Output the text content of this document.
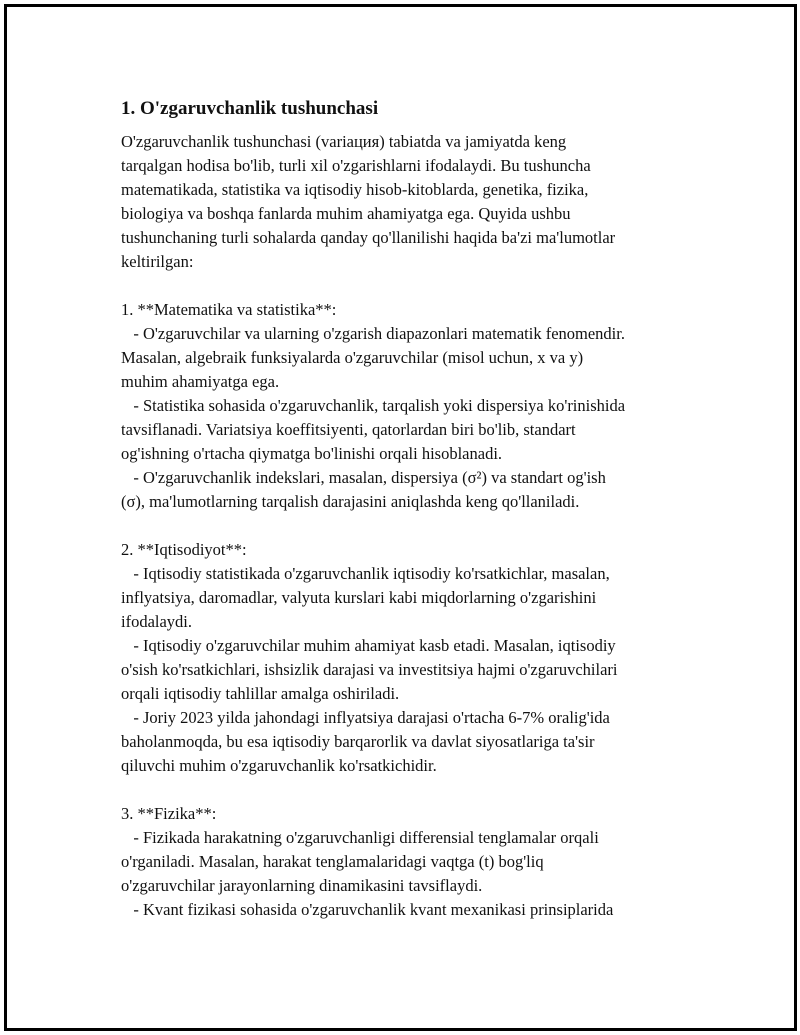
1. O'zgaruvchanlik tushunchasi

O'zgaruvchanlik tushunchasi (variaция) tabiatda va jamiyatda keng
tarqalgan hodisa bo'lib, turli xil o'zgarishlarni ifodalaydi. Bu tushuncha
matematikada, statistika va iqtisodiy hisob-kitoblarda, genetika, fizika,
biologiya va boshqa fanlarda muhim ahamiyatga ega. Quyida ushbu
tushunchaning turli sohalarda qanday qo'llanilishi haqida ba'zi ma'lumotlar
keltirilgan:

1. **Matematika va statistika**:
- O'zgaruvchilar va ularning o'zgarish diapazonlari matematik fenomendir.
Masalan, algebraik funksiyalarda o'zgaruvchilar (misol uchun, x va y)
muhim ahamiyatga ega.
- Statistika sohasida o'zgaruvchanlik, tarqalish yoki dispersiya ko'rinishida
tavsiflanadi. Variatsiya koeffitsiyenti, qatorlardan biri bo'lib, standart
og'ishning o'rtacha qiymatga bo'linishi orqali hisoblanadi.
- O'zgaruvchanlik indekslari, masalan, dispersiya (σ²) va standart og'ish
(σ), ma'lumotlarning tarqalish darajasini aniqlashda keng qo'llaniladi.

2. **Iqtisodiyot**:
- Iqtisodiy statistikada o'zgaruvchanlik iqtisodiy ko'rsatkichlar, masalan,
inflyatsiya, daromadlar, valyuta kurslari kabi miqdorlarning o'zgarishini
ifodalaydi.
- Iqtisodiy o'zgaruvchilar muhim ahamiyat kasb etadi. Masalan, iqtisodiy
o'sish ko'rsatkichlari, ishsizlik darajasi va investitsiya hajmi o'zgaruvchilari
orqali iqtisodiy tahlillar amalga oshiriladi.
- Joriy 2023 yilda jahondagi inflyatsiya darajasi o'rtacha 6-7% oralig'ida
baholanmoqda, bu esa iqtisodiy barqarorlik va davlat siyosatlariga ta'sir
qiluvchi muhim o'zgaruvchanlik ko'rsatkichidir.

3. **Fizika**:
- Fizikada harakatning o'zgaruvchanligi differensial tenglamalar orqali
o'rganiladi. Masalan, harakat tenglamalaridagi vaqtga (t) bog'liq
o'zgaruvchilar jarayonlarning dinamikasini tavsiflaydi.
- Kvant fizikasi sohasida o'zgaruvchanlik kvant mexanikasi prinsiplarida
